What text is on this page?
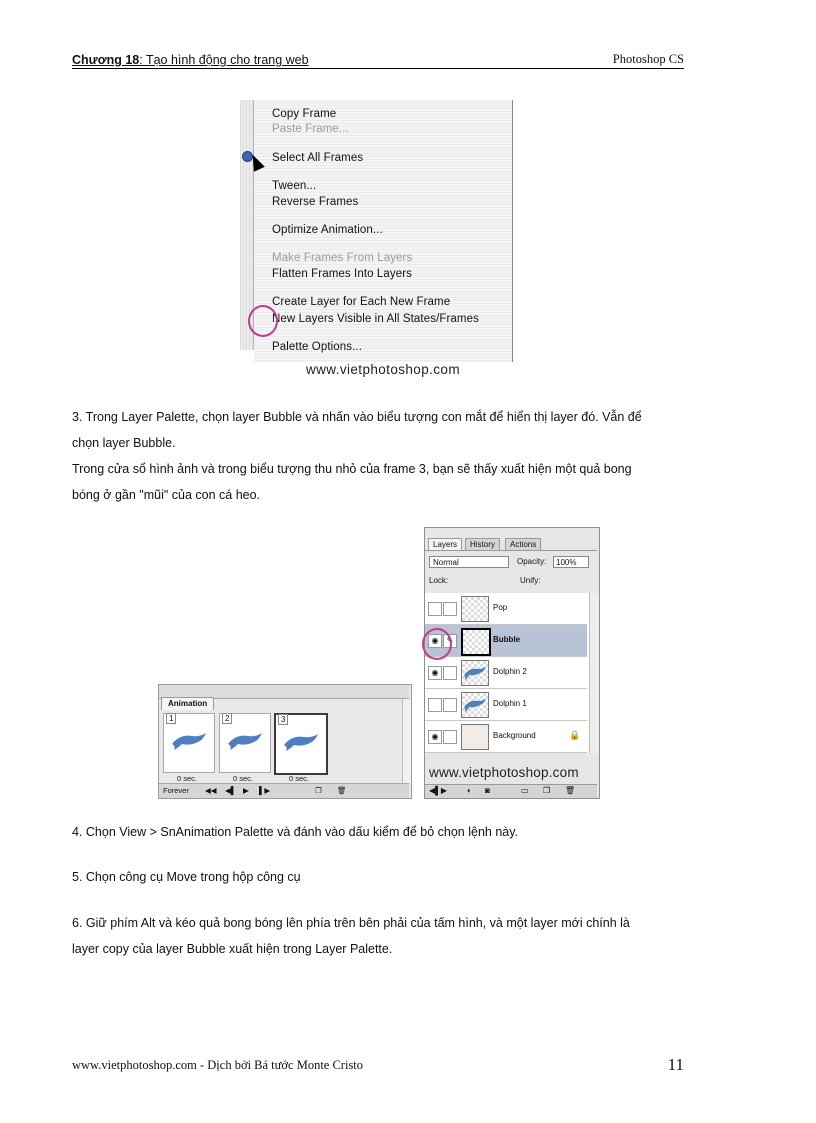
Chương 18: Tạo hình động cho trang web	Photoshop CS
Copy Frame
Paste Frame...
Select All Frames
Tween...
Reverse Frames
Optimize Animation...
Make Frames From Layers
Flatten Frames Into Layers
Create Layer for Each New Frame
New Layers Visible in All States/Frames
Palette Options...
www.vietphotoshop.com
3. Trong Layer Palette, chọn layer Bubble và nhấn vào biểu tượng con mắt để hiển thị layer đó. Vẫn để
chọn layer Bubble.
Trong cửa sổ hình ảnh và trong biểu tượng thu nhỏ của frame 3, bạn sẽ thấy xuất hiện một quả bong
bóng ở gần "mũi" của con cá heo.
Animation
1	2	3
0 sec.	0 sec.	0 sec.
Forever ◀◀ ◀▌ ▶ ▌▶	❐ 🗑
Layers	History	Actions
Normal	Opacity:	100%
Lock:	Unify:
Pop
◉	✎	Bubble
◉	Dolphin 2
Dolphin 1
◉	Background	🔒
www.vietphotoshop.com
◀▌▶	◐ ◙	▭ ❐ 🗑
4. Chọn View > SnAnimation Palette và đánh vào dấu kiểm để bỏ chọn lệnh này.
5. Chọn công cụ Move trong hộp công cụ
6. Giữ phím Alt và kéo quả bong bóng lên phía trên bên phải của tấm hình, và một layer mới chính là
layer copy của layer Bubble xuất hiện trong Layer Palette.
www.vietphotoshop.com - Dịch bởi Bá tước Monte Cristo	11
